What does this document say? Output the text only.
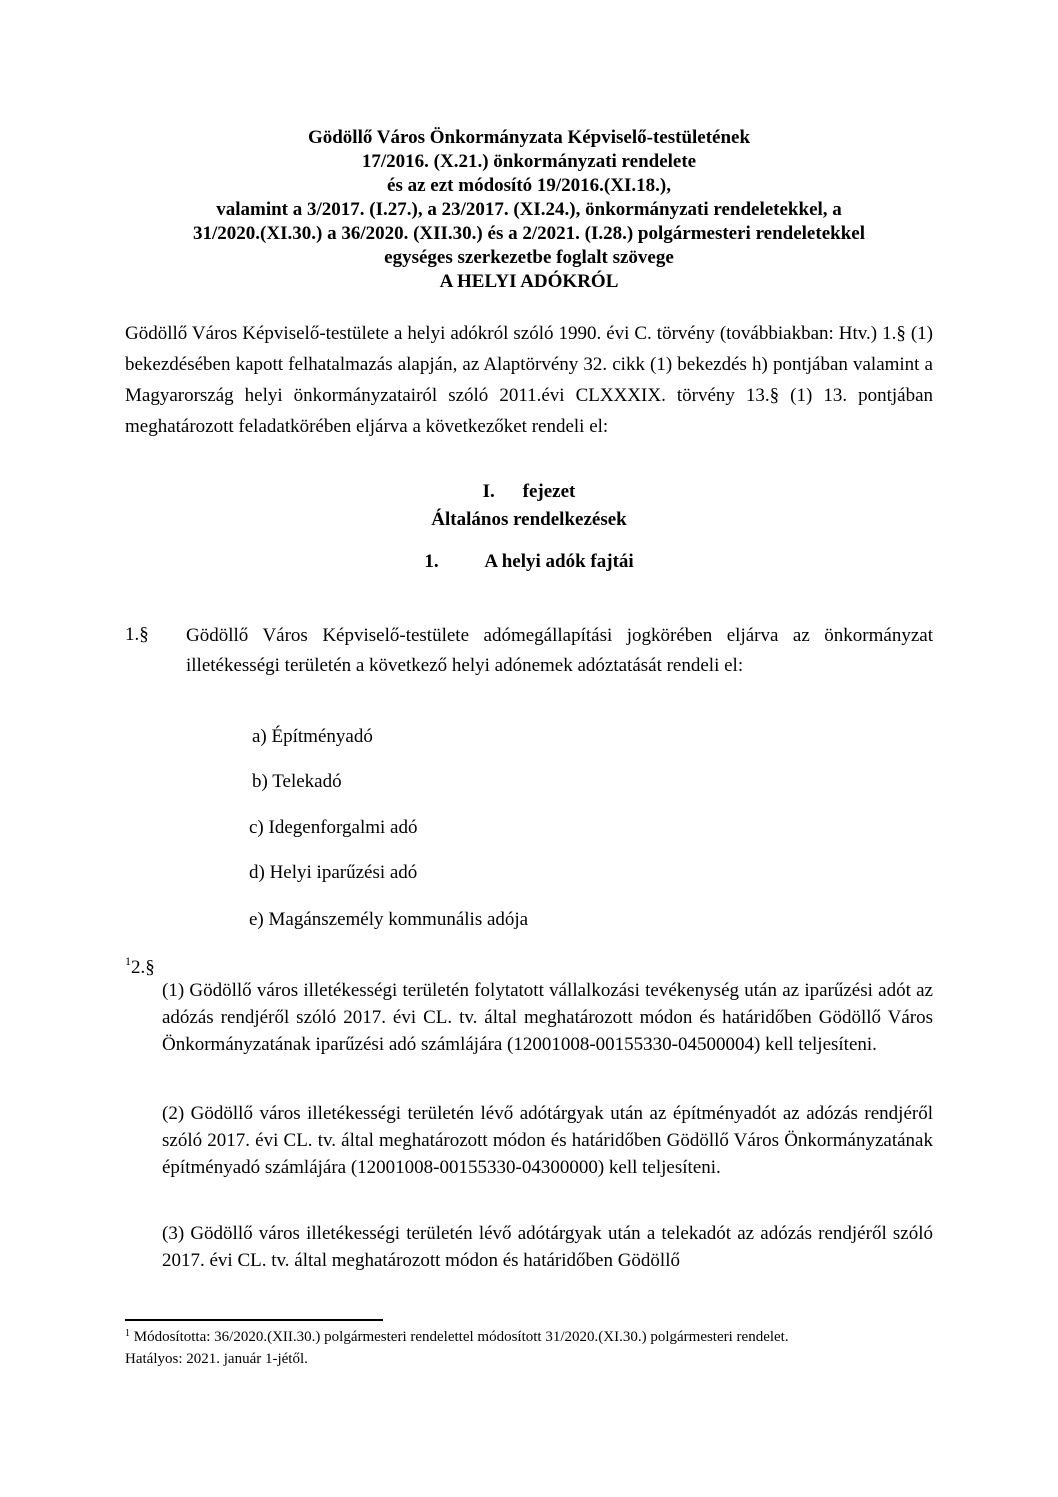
Gödöllő Város Önkormányzata Képviselő-testületének
17/2016. (X.21.) önkormányzati rendelete
és az ezt módosító 19/2016.(XI.18.),
valamint a 3/2017. (I.27.), a 23/2017. (XI.24.), önkormányzati rendeletekkel, a
31/2020.(XI.30.) a 36/2020. (XII.30.) és a 2/2021. (I.28.) polgármesteri rendeletekkel
egységes szerkezetbe foglalt szövege
A HELYI ADÓKRÓL
Gödöllő Város Képviselő-testülete a helyi adókról szóló 1990. évi C. törvény (továbbiakban: Htv.) 1.§ (1) bekezdésében kapott felhatalmazás alapján, az Alaptörvény 32. cikk (1) bekezdés h) pontjában valamint a Magyarország helyi önkormányzatairól szóló 2011.évi CLXXXIX. törvény 13.§ (1) 13. pontjában meghatározott feladatkörében eljárva a következőket rendeli el:
I. fejezet
Általános rendelkezések
1. A helyi adók fajtái
1.§ Gödöllő Város Képviselő-testülete adómegállapítási jogkörében eljárva az önkormányzat illetékességi területén a következő helyi adónemek adóztatását rendeli el:
a) Építményadó
b) Telekadó
c) Idegenforgalmi adó
d) Helyi iparűzési adó
e) Magánszemély kommunális adója
$^1$2.§
(1) Gödöllő város illetékességi területén folytatott vállalkozási tevékenység után az iparűzési adót az adózás rendjéről szóló 2017. évi CL. tv. által meghatározott módon és határidőben Gödöllő Város Önkormányzatának iparűzési adó számlájára (12001008-00155330-04500004) kell teljesíteni.
(2) Gödöllő város illetékességi területén lévő adótárgyak után az építményadót az adózás rendjéről szóló 2017. évi CL. tv. által meghatározott módon és határidőben Gödöllő Város Önkormányzatának építményadó számlájára (12001008-00155330-04300000) kell teljesíteni.
(3) Gödöllő város illetékességi területén lévő adótárgyak után a telekadót az adózás rendjéről szóló 2017. évi CL. tv. által meghatározott módon és határidőben Gödöllő
$^1$ Módosította: 36/2020.(XII.30.) polgármesteri rendelettel módosított 31/2020.(XI.30.) polgármesteri rendelet.
Hatályos: 2021. január 1-jétől.
